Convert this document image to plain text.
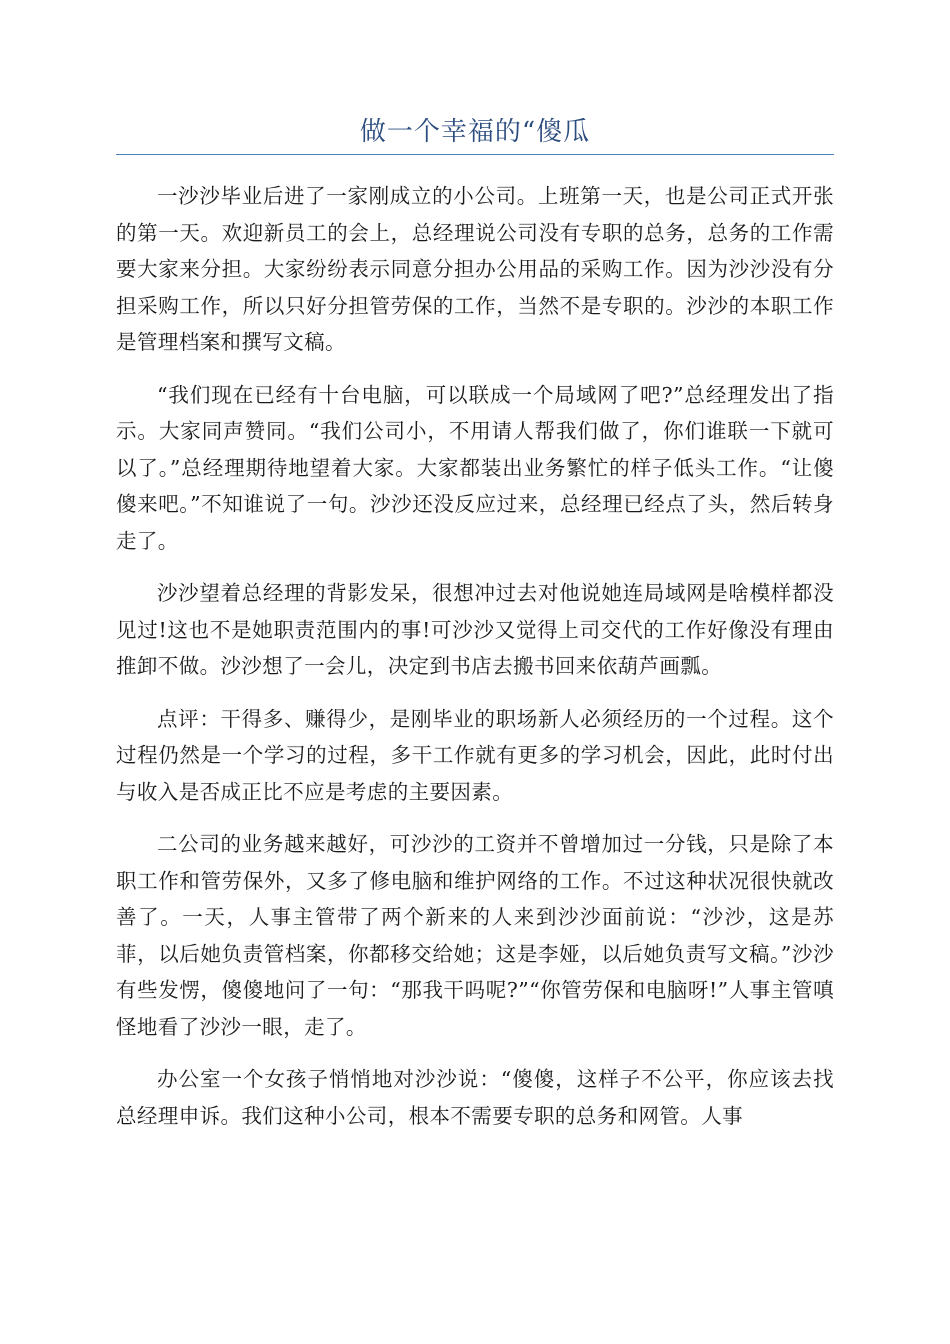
做一个幸福的“傻瓜

一沙沙毕业后进了一家刚成立的小公司。上班第一天，也是公司正式开张的第一天。欢迎新员工的会上，总经理说公司没有专职的总务，总务的工作需要大家来分担。大家纷纷表示同意分担办公用品的采购工作。因为沙沙没有分担采购工作，所以只好分担管劳保的工作，当然不是专职的。沙沙的本职工作是管理档案和撰写文稿。

“我们现在已经有十台电脑，可以联成一个局域网了吧?”总经理发出了指示。大家同声赞同。“我们公司小，不用请人帮我们做了，你们谁联一下就可以了。”总经理期待地望着大家。大家都装出业务繁忙的样子低头工作。“让傻傻来吧。”不知谁说了一句。沙沙还没反应过来，总经理已经点了头，然后转身走了。

沙沙望着总经理的背影发呆，很想冲过去对他说她连局域网是啥模样都没见过!这也不是她职责范围内的事!可沙沙又觉得上司交代的工作好像没有理由推卸不做。沙沙想了一会儿，决定到书店去搬书回来依葫芦画瓢。

点评：干得多、赚得少，是刚毕业的职场新人必须经历的一个过程。这个过程仍然是一个学习的过程，多干工作就有更多的学习机会，因此，此时付出与收入是否成正比不应是考虑的主要因素。

二公司的业务越来越好，可沙沙的工资并不曾增加过一分钱，只是除了本职工作和管劳保外，又多了修电脑和维护网络的工作。不过这种状况很快就改善了。一天，人事主管带了两个新来的人来到沙沙面前说：“沙沙，这是苏菲，以后她负责管档案，你都移交给她；这是李娅，以后她负责写文稿。”沙沙有些发愣，傻傻地问了一句：“那我干吗呢?”“你管劳保和电脑呀!”人事主管嗔怪地看了沙沙一眼，走了。

办公室一个女孩子悄悄地对沙沙说：“傻傻，这样子不公平，你应该去找总经理申诉。我们这种小公司，根本不需要专职的总务和网管。人事
